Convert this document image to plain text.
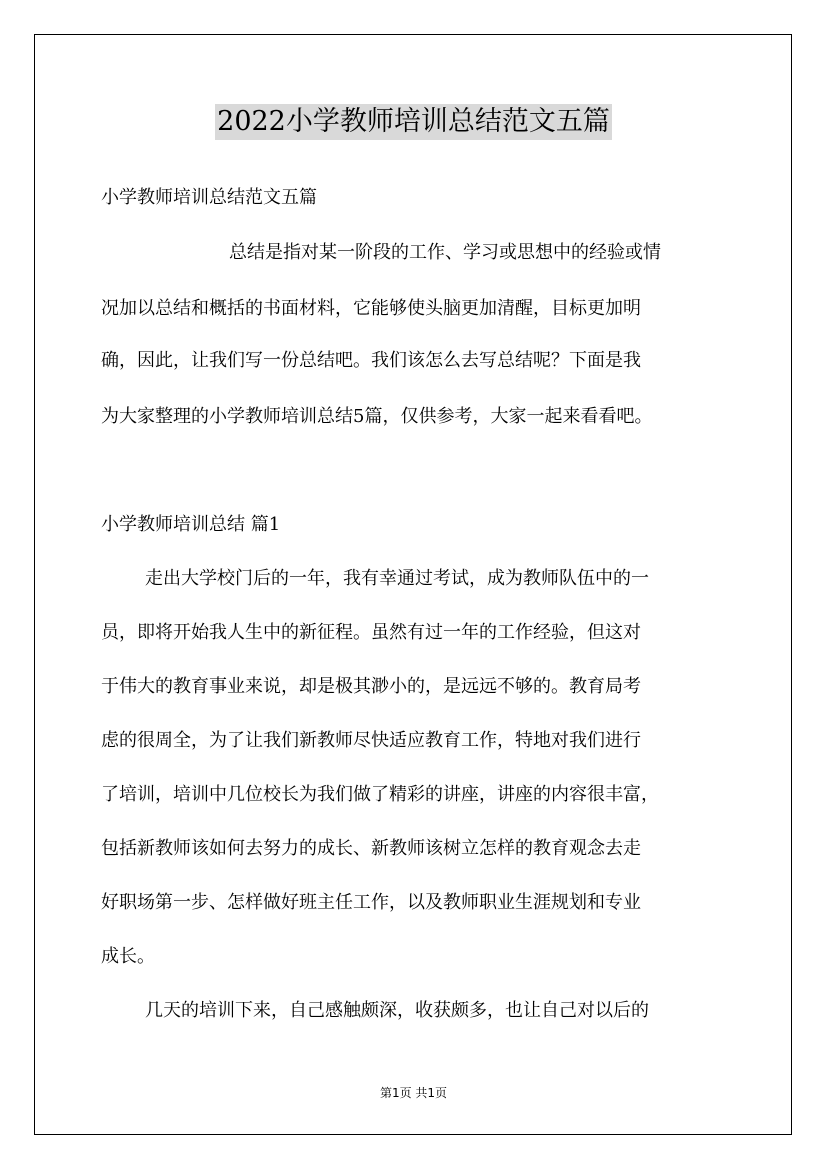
2022小学教师培训总结范文五篇
小学教师培训总结范文五篇
总结是指对某一阶段的工作、学习或思想中的经验或情
况加以总结和概括的书面材料，它能够使头脑更加清醒，目标更加明
确，因此，让我们写一份总结吧。我们该怎么去写总结呢？下面是我
为大家整理的小学教师培训总结5篇，仅供参考，大家一起来看看吧。
小学教师培训总结 篇1
走出大学校门后的一年，我有幸通过考试，成为教师队伍中的一
员，即将开始我人生中的新征程。虽然有过一年的工作经验，但这对
于伟大的教育事业来说，却是极其渺小的，是远远不够的。教育局考
虑的很周全，为了让我们新教师尽快适应教育工作，特地对我们进行
了培训，培训中几位校长为我们做了精彩的讲座，讲座的内容很丰富，
包括新教师该如何去努力的成长、新教师该树立怎样的教育观念去走
好职场第一步、怎样做好班主任工作，以及教师职业生涯规划和专业
成长。
几天的培训下来，自己感触颇深，收获颇多，也让自己对以后的
第1页 共1页
